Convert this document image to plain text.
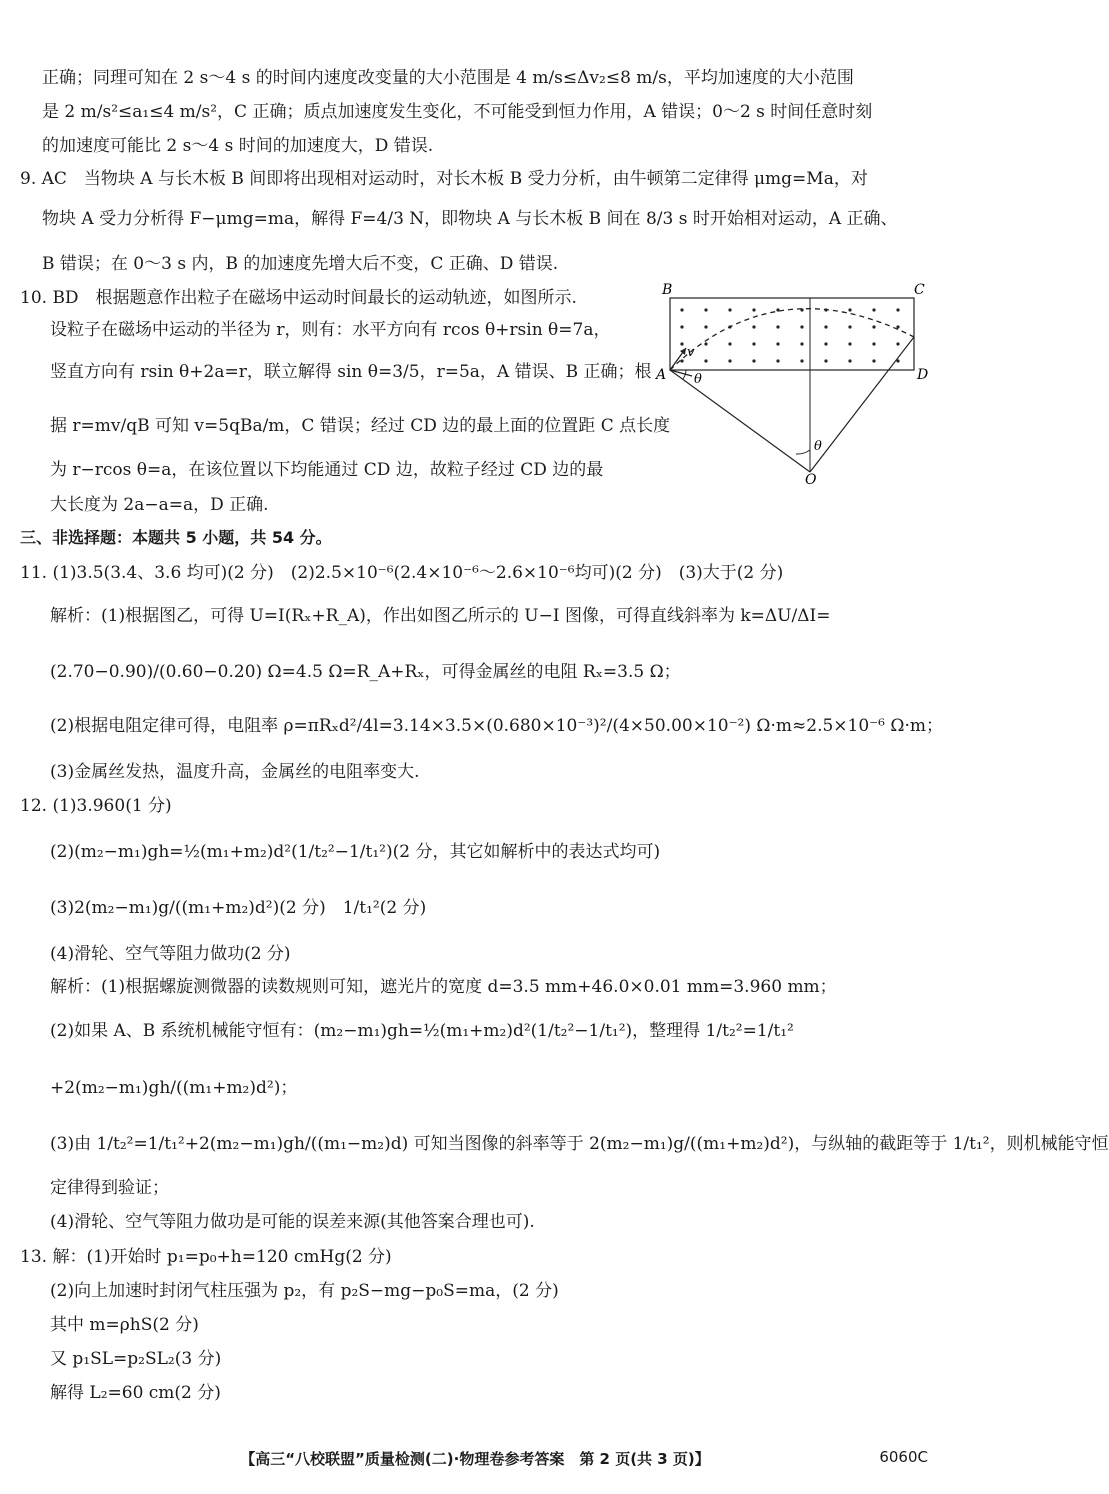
正确；同理可知在 2 s～4 s 的时间内速度改变量的大小范围是 4 m/s≤Δv₂≤8 m/s，平均加速度的大小范围
是 2 m/s²≤a₁≤4 m/s²，C 正确；质点加速度发生变化，不可能受到恒力作用，A 错误；0～2 s 时间任意时刻
的加速度可能比 2 s～4 s 时间的加速度大，D 错误.
9. AC　当物块 A 与长木板 B 间即将出现相对运动时，对长木板 B 受力分析，由牛顿第二定律得 μmg=Ma，对
物块 A 受力分析得 F−μmg=ma，解得 F=4/3 N，即物块 A 与长木板 B 间在 8/3 s 时开始相对运动，A 正确、
B 错误；在 0～3 s 内，B 的加速度先增大后不变，C 正确、D 错误.
10. BD　根据题意作出粒子在磁场中运动时间最长的运动轨迹，如图所示.
设粒子在磁场中运动的半径为 r，则有：水平方向有 rcos θ+rsin θ=7a，
竖直方向有 rsin θ+2a=r，联立解得 sin θ=3/5，r=5a，A 错误、B 正确；根
据 r=mv/qB 可知 v=5qBa/m，C 错误；经过 CD 边的最上面的位置距 C 点长度
为 r−rcos θ=a，在该位置以下均能通过 CD 边，故粒子经过 CD 边的最
大长度为 2a−a=a，D 正确.
B	C
A	D
O
v
θ
θ
三、非选择题：本题共 5 小题，共 54 分。
11. (1)3.5(3.4、3.6 均可)(2 分)　(2)2.5×10⁻⁶(2.4×10⁻⁶～2.6×10⁻⁶均可)(2 分)　(3)大于(2 分)
解析：(1)根据图乙，可得 U=I(Rₓ+R_A)，作出如图乙所示的 U−I 图像，可得直线斜率为 k=ΔU/ΔI=
(2.70−0.90)/(0.60−0.20) Ω=4.5 Ω=R_A+Rₓ，可得金属丝的电阻 Rₓ=3.5 Ω；
(2)根据电阻定律可得，电阻率 ρ=πRₓd²/4l=3.14×3.5×(0.680×10⁻³)²/(4×50.00×10⁻²) Ω·m≈2.5×10⁻⁶ Ω·m；
(3)金属丝发热，温度升高，金属丝的电阻率变大.
12. (1)3.960(1 分)
(2)(m₂−m₁)gh=½(m₁+m₂)d²(1/t₂²−1/t₁²)(2 分，其它如解析中的表达式均可)
(3)2(m₂−m₁)g/((m₁+m₂)d²)(2 分)　1/t₁²(2 分)
(4)滑轮、空气等阻力做功(2 分)
解析：(1)根据螺旋测微器的读数规则可知，遮光片的宽度 d=3.5 mm+46.0×0.01 mm=3.960 mm；
(2)如果 A、B 系统机械能守恒有：(m₂−m₁)gh=½(m₁+m₂)d²(1/t₂²−1/t₁²)，整理得 1/t₂²=1/t₁²
+2(m₂−m₁)gh/((m₁+m₂)d²)；
(3)由 1/t₂²=1/t₁²+2(m₂−m₁)gh/((m₁−m₂)d) 可知当图像的斜率等于 2(m₂−m₁)g/((m₁+m₂)d²)，与纵轴的截距等于 1/t₁²，则机械能守恒
定律得到验证；
(4)滑轮、空气等阻力做功是可能的误差来源(其他答案合理也可).
13. 解：(1)开始时 p₁=p₀+h=120 cmHg(2 分)
(2)向上加速时封闭气柱压强为 p₂，有 p₂S−mg−p₀S=ma，(2 分)
其中 m=ρhS(2 分)
又 p₁SL=p₂SL₂(3 分)
解得 L₂=60 cm(2 分)
【高三“八校联盟”质量检测(二)·物理卷参考答案　第 2 页(共 3 页)】	6060C
